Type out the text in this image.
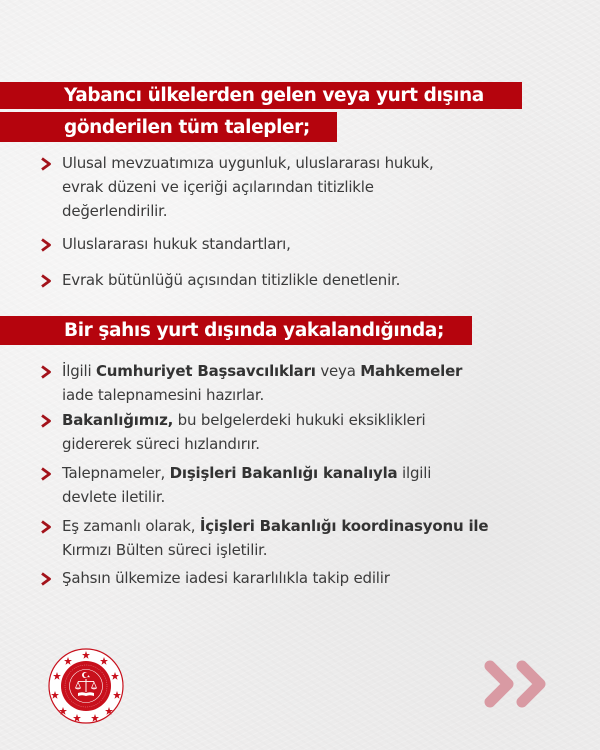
Yabancı ülkelerden gelen veya yurt dışına
gönderilen tüm talepler;
Ulusal mevzuatımıza uygunluk, uluslararası hukuk,
evrak düzeni ve içeriği açılarından titizlikle
değerlendirilir.
Uluslararası hukuk standartları,
Evrak bütünlüğü açısından titizlikle denetlenir.
Bir şahıs yurt dışında yakalandığında;
İlgili Cumhuriyet Başsavcılıkları veya Mahkemeler
iade talepnamesini hazırlar.
Bakanlığımız, bu belgelerdeki hukuki eksiklikleri
gidererek süreci hızlandırır.
Talepnameler, Dışişleri Bakanlığı kanalıyla ilgili
devlete iletilir.
Eş zamanlı olarak, İçişleri Bakanlığı koordinasyonu ile
Kırmızı Bülten süreci işletilir.
Şahsın ülkemize iadesi kararlılıkla takip edilir
